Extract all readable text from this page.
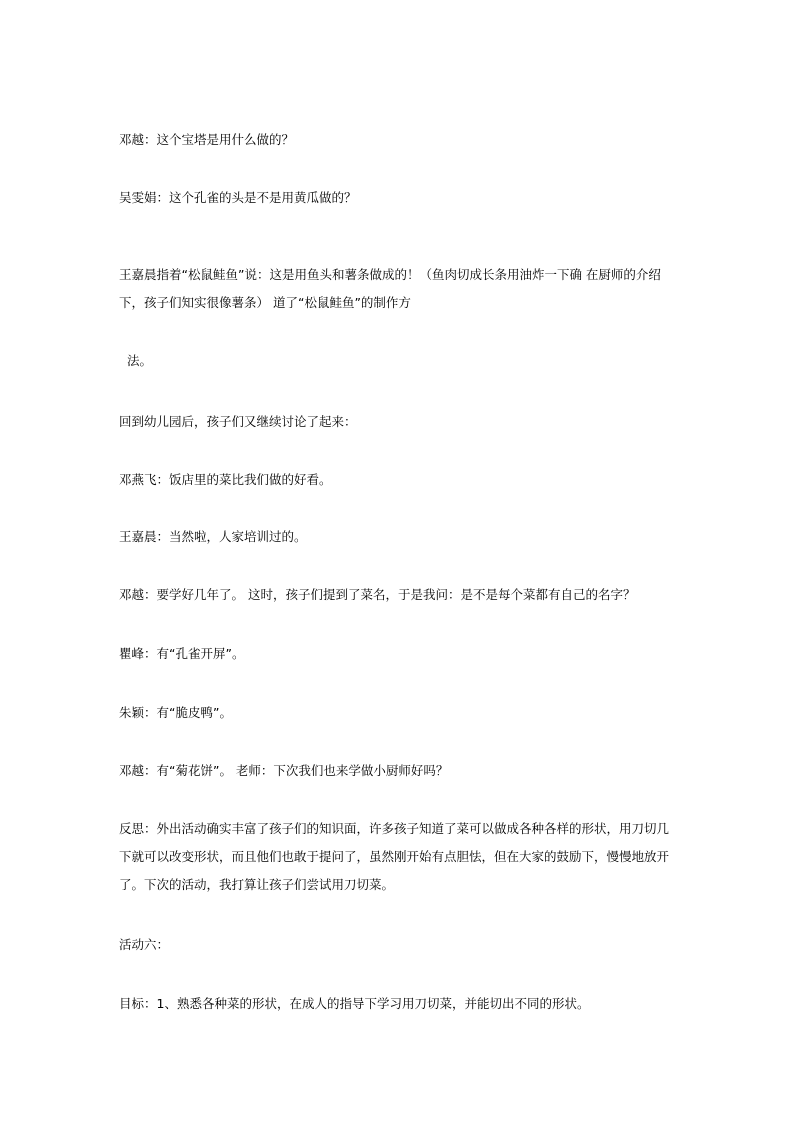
邓越：这个宝塔是用什么做的？

吴雯娟：这个孔雀的头是不是用黄瓜做的？

王嘉晨指着“松鼠鲑鱼”说：这是用鱼头和薯条做成的！（鱼肉切成长条用油炸一下确 在厨师的介绍下，孩子们知实很像薯条） 道了“松鼠鲑鱼”的制作方

法。

回到幼儿园后，孩子们又继续讨论了起来：

邓燕飞：饭店里的菜比我们做的好看。

王嘉晨：当然啦，人家培训过的。

邓越：要学好几年了。 这时，孩子们提到了菜名，于是我问：是不是每个菜都有自己的名字？

瞿峰：有“孔雀开屏”。

朱颖：有“脆皮鸭”。

邓越：有“菊花饼”。 老师：下次我们也来学做小厨师好吗？

反思：外出活动确实丰富了孩子们的知识面，许多孩子知道了菜可以做成各种各样的形状，用刀切几下就可以改变形状，而且他们也敢于提问了，虽然刚开始有点胆怯，但在大家的鼓励下，慢慢地放开了。下次的活动，我打算让孩子们尝试用刀切菜。

活动六：

目标：1、熟悉各种菜的形状，在成人的指导下学习用刀切菜，并能切出不同的形状。
